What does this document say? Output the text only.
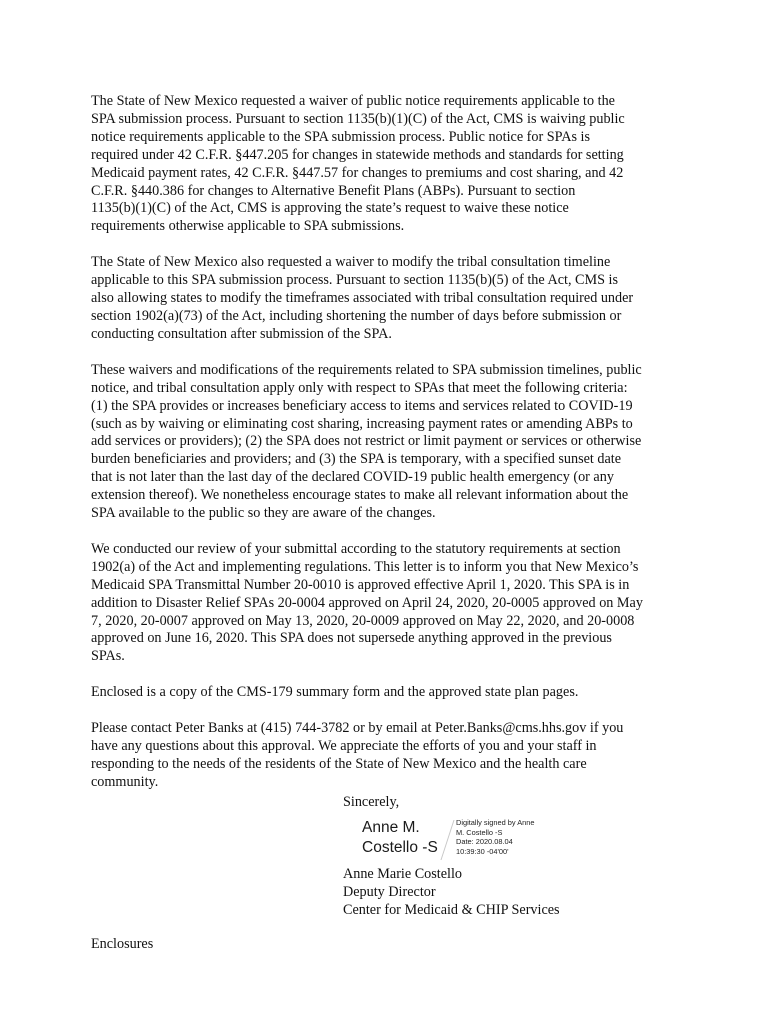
The State of New Mexico requested a waiver of public notice requirements applicable to the
SPA submission process. Pursuant to section 1135(b)(1)(C) of the Act, CMS is waiving public
notice requirements applicable to the SPA submission process. Public notice for SPAs is
required under 42 C.F.R. §447.205 for changes in statewide methods and standards for setting
Medicaid payment rates, 42 C.F.R. §447.57 for changes to premiums and cost sharing, and 42
C.F.R. §440.386 for changes to Alternative Benefit Plans (ABPs). Pursuant to section
1135(b)(1)(C) of the Act, CMS is approving the state’s request to waive these notice
requirements otherwise applicable to SPA submissions.

The State of New Mexico also requested a waiver to modify the tribal consultation timeline
applicable to this SPA submission process. Pursuant to section 1135(b)(5) of the Act, CMS is
also allowing states to modify the timeframes associated with tribal consultation required under
section 1902(a)(73) of the Act, including shortening the number of days before submission or
conducting consultation after submission of the SPA.

These waivers and modifications of the requirements related to SPA submission timelines, public
notice, and tribal consultation apply only with respect to SPAs that meet the following criteria:
(1) the SPA provides or increases beneficiary access to items and services related to COVID-19
(such as by waiving or eliminating cost sharing, increasing payment rates or amending ABPs to
add services or providers); (2) the SPA does not restrict or limit payment or services or otherwise
burden beneficiaries and providers; and (3) the SPA is temporary, with a specified sunset date
that is not later than the last day of the declared COVID-19 public health emergency (or any
extension thereof). We nonetheless encourage states to make all relevant information about the
SPA available to the public so they are aware of the changes.

We conducted our review of your submittal according to the statutory requirements at section
1902(a) of the Act and implementing regulations. This letter is to inform you that New Mexico’s
Medicaid SPA Transmittal Number 20-0010 is approved effective April 1, 2020. This SPA is in
addition to Disaster Relief SPAs 20-0004 approved on April 24, 2020, 20-0005 approved on May
7, 2020, 20-0007 approved on May 13, 2020, 20-0009 approved on May 22, 2020, and 20-0008
approved on June 16, 2020. This SPA does not supersede anything approved in the previous
SPAs.

Enclosed is a copy of the CMS-179 summary form and the approved state plan pages.

Please contact Peter Banks at (415) 744-3782 or by email at Peter.Banks@cms.hhs.gov if you
have any questions about this approval. We appreciate the efforts of you and your staff in
responding to the needs of the residents of the State of New Mexico and the health care
community.

Sincerely,
Anne M.
Costello -S
Digitally signed by Anne
M. Costello -S
Date: 2020.08.04
10:39:30 -04'00'
Anne Marie Costello
Deputy Director
Center for Medicaid & CHIP Services
Enclosures
